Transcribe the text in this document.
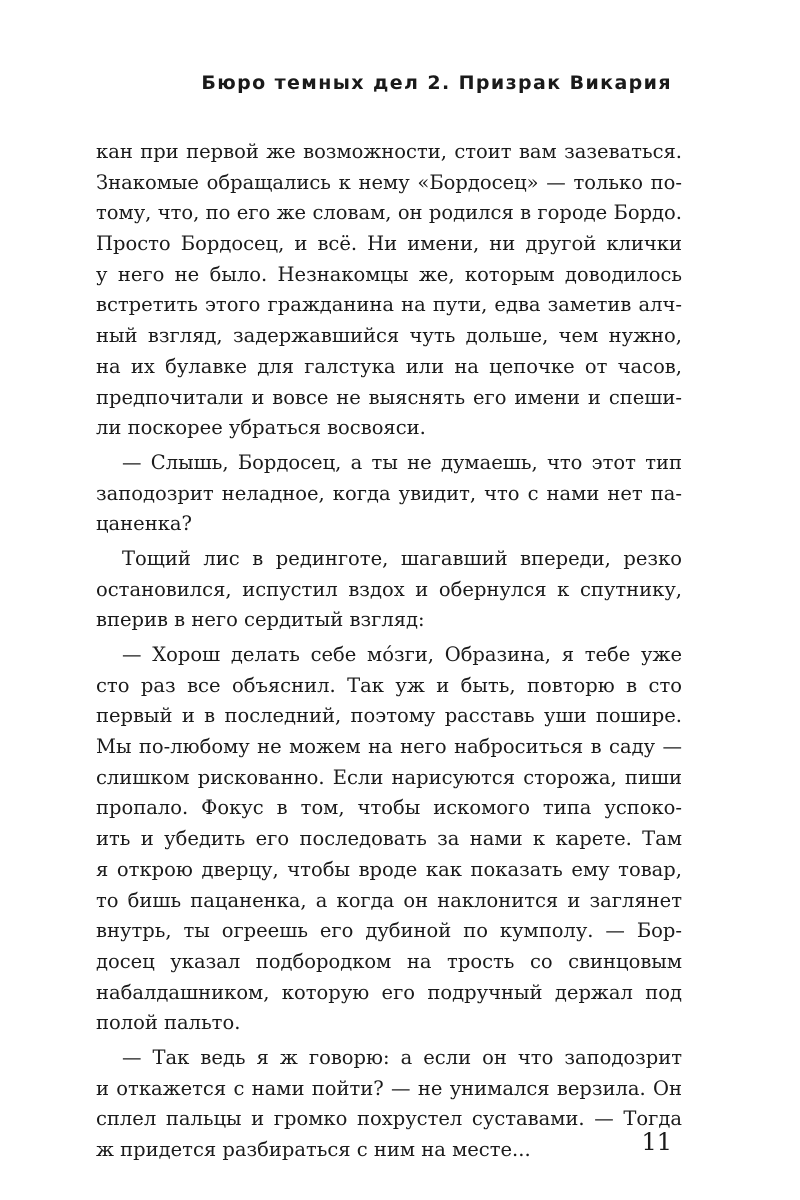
Бюро темных дел 2. Призрак Викария
кан при первой же возможности, стоит вам зазеваться.
Знакомые обращались к нему «Бордосец» — только по-
тому, что, по его же словам, он родился в городе Бордо.
Просто Бордосец, и всё. Ни имени, ни другой клички
у него не было. Незнакомцы же, которым доводилось
встретить этого гражданина на пути, едва заметив алч-
ный взгляд, задержавшийся чуть дольше, чем нужно,
на их булавке для галстука или на цепочке от часов,
предпочитали и вовсе не выяснять его имени и спеши-
ли поскорее убраться восвояси.
— Слышь, Бордосец, а ты не думаешь, что этот тип
заподозрит неладное, когда увидит, что с нами нет па-
цаненка?
Тощий лис в рединготе, шагавший впереди, резко
остановился, испустил вздох и обернулся к спутнику,
вперив в него сердитый взгляд:
— Хорош делать себе мóзги, Образина, я тебе уже
сто раз все объяснил. Так уж и быть, повторю в сто
первый и в последний, поэтому расставь уши пошире.
Мы по-любому не можем на него наброситься в саду —
слишком рискованно. Если нарисуются сторожа, пиши
пропало. Фокус в том, чтобы искомого типа успоко-
ить и убедить его последовать за нами к карете. Там
я открою дверцу, чтобы вроде как показать ему товар,
то бишь пацаненка, а когда он наклонится и заглянет
внутрь, ты огреешь его дубиной по кумполу. — Бор-
досец указал подбородком на трость со свинцовым
набалдашником, которую его подручный держал под
полой пальто.
— Так ведь я ж говорю: а если он что заподозрит
и откажется с нами пойти? — не унимался верзила. Он
сплел пальцы и громко похрустел суставами. — Тогда
ж придется разбираться с ним на месте...	11
